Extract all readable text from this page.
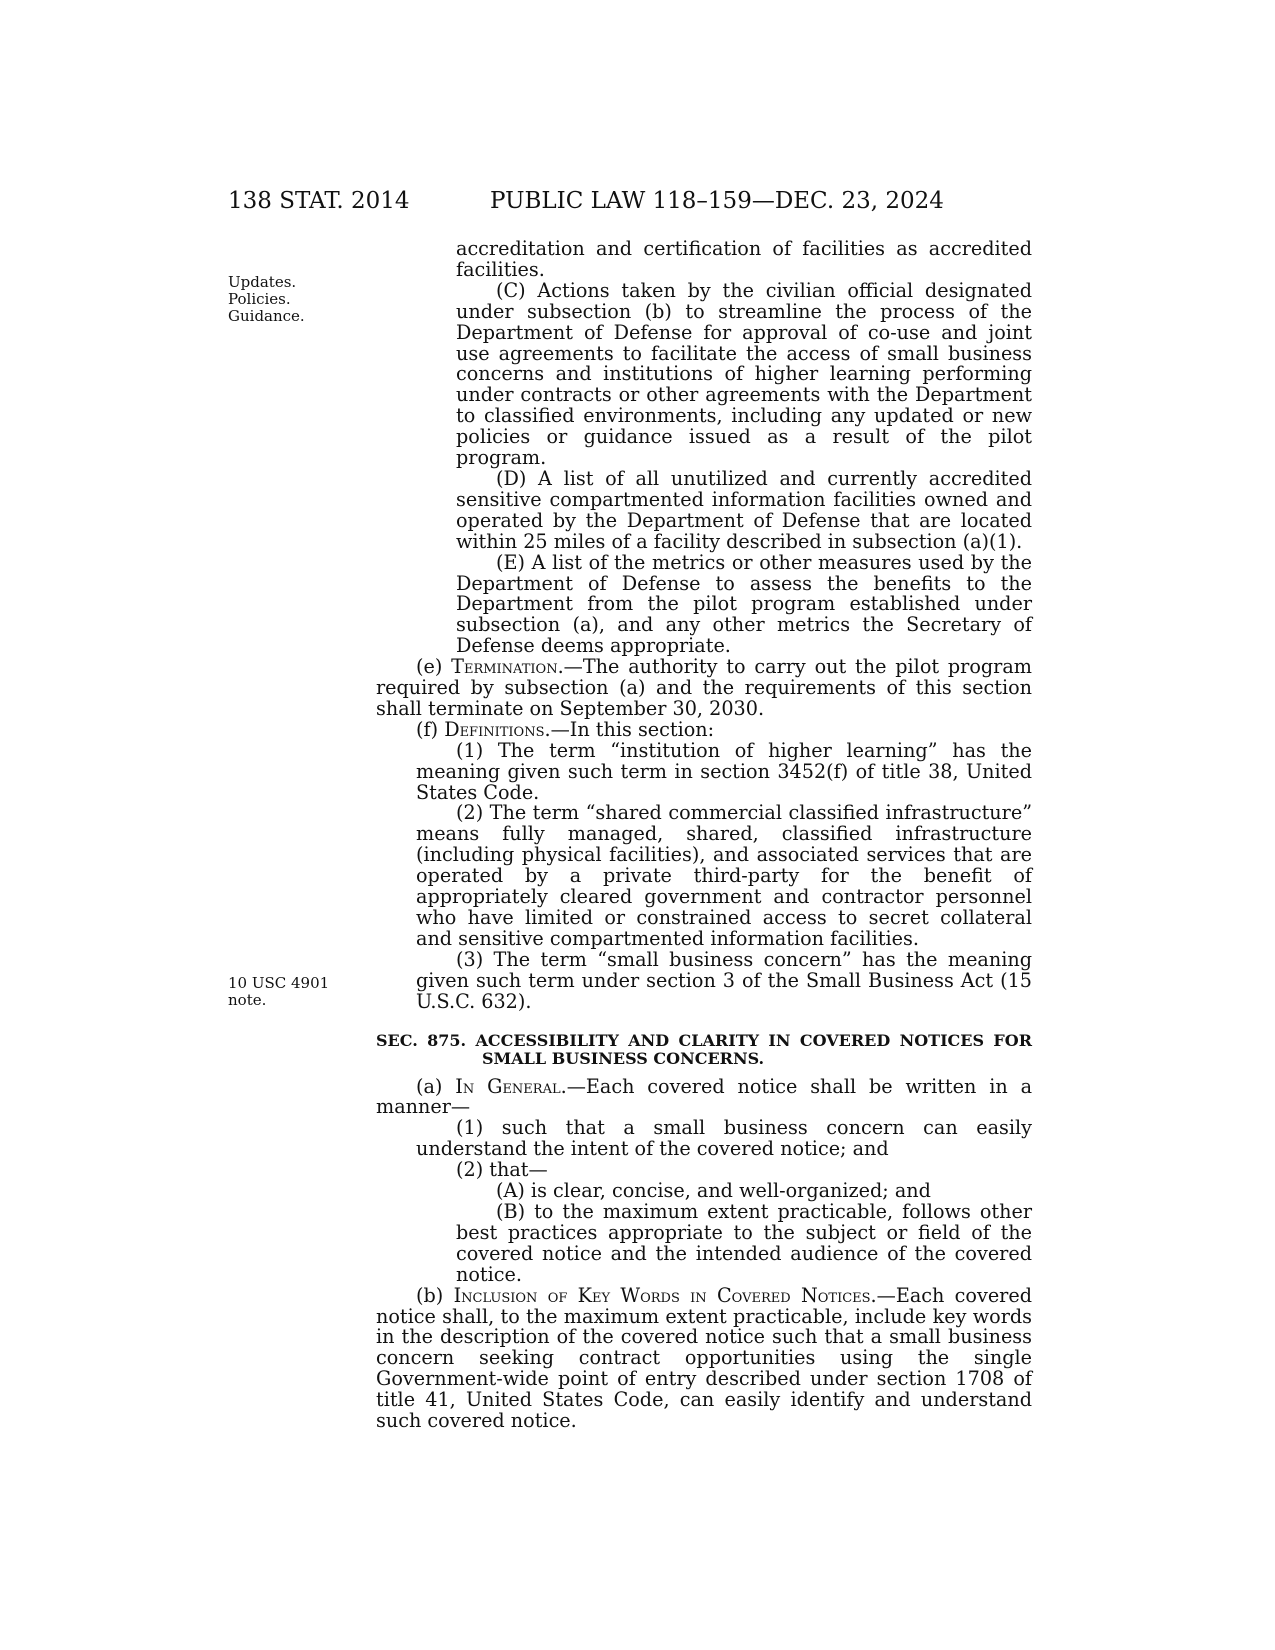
138 STAT. 2014	PUBLIC LAW 118–159—DEC. 23, 2024
Updates.
Policies.
Guidance.
10 USC 4901
note.

accreditation and certification of facilities as accredited facilities.

(C) Actions taken by the civilian official designated under subsection (b) to streamline the process of the Department of Defense for approval of co-use and joint use agreements to facilitate the access of small business concerns and institutions of higher learning performing under contracts or other agreements with the Department to classified environments, including any updated or new policies or guidance issued as a result of the pilot program.

(D) A list of all unutilized and currently accredited sensitive compartmented information facilities owned and operated by the Department of Defense that are located within 25 miles of a facility described in subsection (a)(1).

(E) A list of the metrics or other measures used by the Department of Defense to assess the benefits to the Department from the pilot program established under subsection (a), and any other metrics the Secretary of Defense deems appropriate.

(e) Termination.—The authority to carry out the pilot program required by subsection (a) and the requirements of this section shall terminate on September 30, 2030.

(f) Definitions.—In this section:

(1) The term “institution of higher learning” has the meaning given such term in section 3452(f) of title 38, United States Code.

(2) The term “shared commercial classified infrastructure” means fully managed, shared, classified infrastructure (including physical facilities), and associated services that are operated by a private third-party for the benefit of appropriately cleared government and contractor personnel who have limited or constrained access to secret collateral and sensitive compartmented information facilities.

(3) The term “small business concern” has the meaning given such term under section 3 of the Small Business Act (15 U.S.C. 632).

SEC. 875. ACCESSIBILITY AND CLARITY IN COVERED NOTICES FOR SMALL BUSINESS CONCERNS.

(a) In General.—Each covered notice shall be written in a manner—

(1) such that a small business concern can easily understand the intent of the covered notice; and

(2) that—

(A) is clear, concise, and well-organized; and

(B) to the maximum extent practicable, follows other best practices appropriate to the subject or field of the covered notice and the intended audience of the covered notice.

(b) Inclusion of Key Words in Covered Notices.—Each covered notice shall, to the maximum extent practicable, include key words in the description of the covered notice such that a small business concern seeking contract opportunities using the single Government-wide point of entry described under section 1708 of title 41, United States Code, can easily identify and understand such covered notice.
